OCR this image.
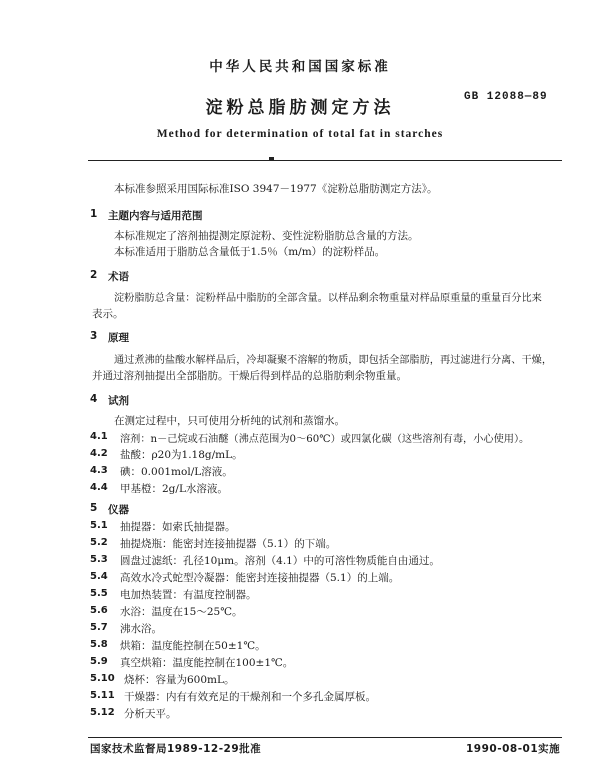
中华人民共和国国家标准
淀粉总脂肪测定方法
GB 12088—89
Method for determination of total fat in starches
本标准参照采用国际标准ISO 3947－1977《淀粉总脂肪测定方法》。
1 主题内容与适用范围
本标准规定了溶剂抽提测定原淀粉、变性淀粉脂肪总含量的方法。
本标准适用于脂肪总含量低于1.5％（m/m）的淀粉样品。
2 术语
淀粉脂肪总含量：淀粉样品中脂肪的全部含量。以样品剩余物重量对样品原重量的重量百分比来
表示。
3 原理
通过煮沸的盐酸水解样品后，冷却凝聚不溶解的物质，即包括全部脂肪，再过滤进行分离、干燥，
并通过溶剂抽提出全部脂肪。干燥后得到样品的总脂肪剩余物重量。
4 试剂
在测定过程中，只可使用分析纯的试剂和蒸馏水。
4.1 溶剂：n－己烷或石油醚（沸点范围为0～60℃）或四氯化碳（这些溶剂有毒，小心使用）。
4.2 盐酸：ρ20为1.18g/mL。
4.3 碘：0.001mol/L溶液。
4.4 甲基橙：2g/L水溶液。
5 仪器
5.1 抽提器：如索氏抽提器。
5.2 抽提烧瓶：能密封连接抽提器（5.1）的下端。
5.3 圆盘过滤纸：孔径10μm。溶剂（4.1）中的可溶性物质能自由通过。
5.4 高效水冷式蛇型冷凝器：能密封连接抽提器（5.1）的上端。
5.5 电加热装置：有温度控制器。
5.6 水浴：温度在15～25℃。
5.7 沸水浴。
5.8 烘箱：温度能控制在50±1℃。
5.9 真空烘箱：温度能控制在100±1℃。
5.10 烧杯：容量为600mL。
5.11 干燥器：内有有效充足的干燥剂和一个多孔金属厚板。
5.12 分析天平。
国家技术监督局1989-12-29批准	1990-08-01实施
